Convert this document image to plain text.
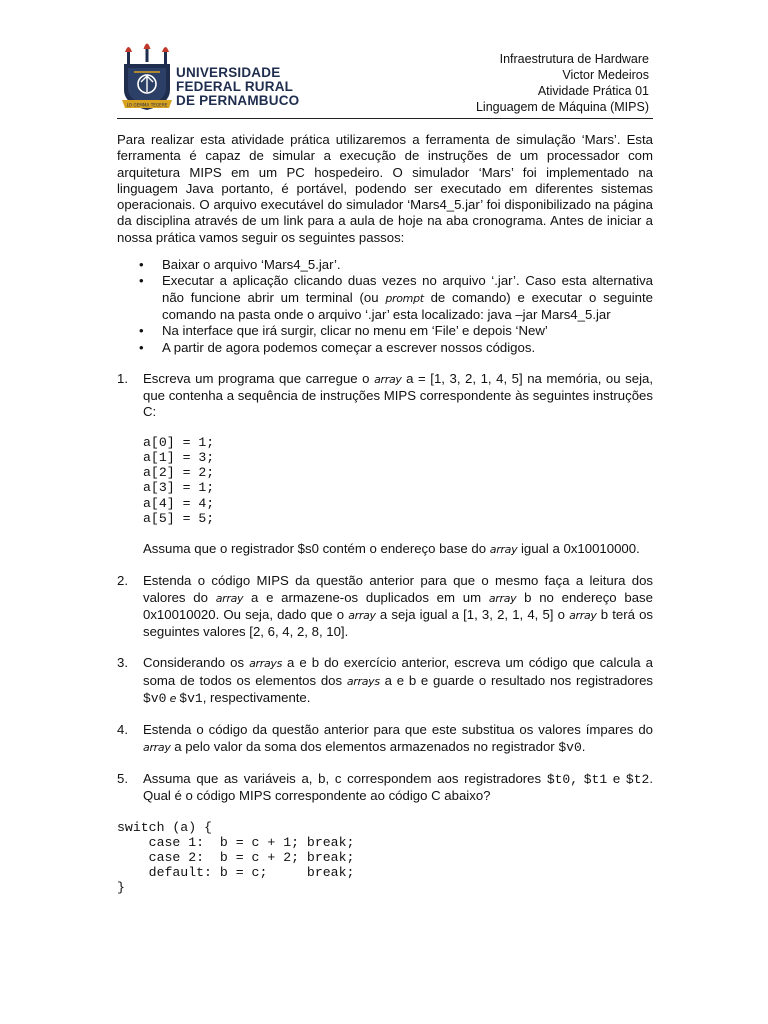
LO GEMMA TEGERE
UNIVERSIDADE
FEDERAL RURAL
DE PERNAMBUCO
Infraestrutura de Hardware
Victor Medeiros
Atividade Prática 01
Linguagem de Máquina (MIPS)

Para realizar esta atividade prática utilizaremos a ferramenta de simulação ‘Mars’. Esta ferramenta é capaz de simular a execução de instruções de um processador com arquitetura MIPS em um PC hospedeiro. O simulador ‘Mars’ foi implementado na linguagem Java portanto, é portável, podendo ser executado em diferentes sistemas operacionais. O arquivo executável do simulador ‘Mars4_5.jar’ foi disponibilizado na página da disciplina através de um link para a aula de hoje na aba cronograma. Antes de iniciar a nossa prática vamos seguir os seguintes passos:

• Baixar o arquivo ‘Mars4_5.jar’.
• Executar a aplicação clicando duas vezes no arquivo ‘.jar’. Caso esta alternativa não funcione abrir um terminal (ou prompt de comando) e executar o seguinte comando na pasta onde o arquivo ‘.jar’ esta localizado: java –jar Mars4_5.jar
• Na interface que irá surgir, clicar no menu em ‘File’ e depois ‘New’
• A partir de agora podemos começar a escrever nossos códigos.
1. Escreva um programa que carregue o array a = [1, 3, 2, 1, 4, 5] na memória, ou seja, que contenha a sequência de instruções MIPS correspondente às seguintes instruções C:
a[0] = 1;
a[1] = 3;
a[2] = 2;
a[3] = 1;
a[4] = 4;
a[5] = 5;
Assuma que o registrador $s0 contém o endereço base do array igual a 0x10010000.
2. Estenda o código MIPS da questão anterior para que o mesmo faça a leitura dos valores do array a e armazene-os duplicados em um array b no endereço base 0x10010020. Ou seja, dado que o array a seja igual a [1, 3, 2, 1, 4, 5] o array b terá os seguintes valores [2, 6, 4, 2, 8, 10].
3. Considerando os arrays a e b do exercício anterior, escreva um código que calcula a soma de todos os elementos dos arrays a e b e guarde o resultado nos registradores $v0 e $v1, respectivamente.
4. Estenda o código da questão anterior para que este substitua os valores ímpares do array a pelo valor da soma dos elementos armazenados no registrador $v0.
5. Assuma que as variáveis a, b, c correspondem aos registradores $t0, $t1 e $t2. Qual é o código MIPS correspondente ao código C abaixo?
switch (a) {
case 1:  b = c + 1; break;
case 2:  b = c + 2; break;
default: b = c;     break;
}
